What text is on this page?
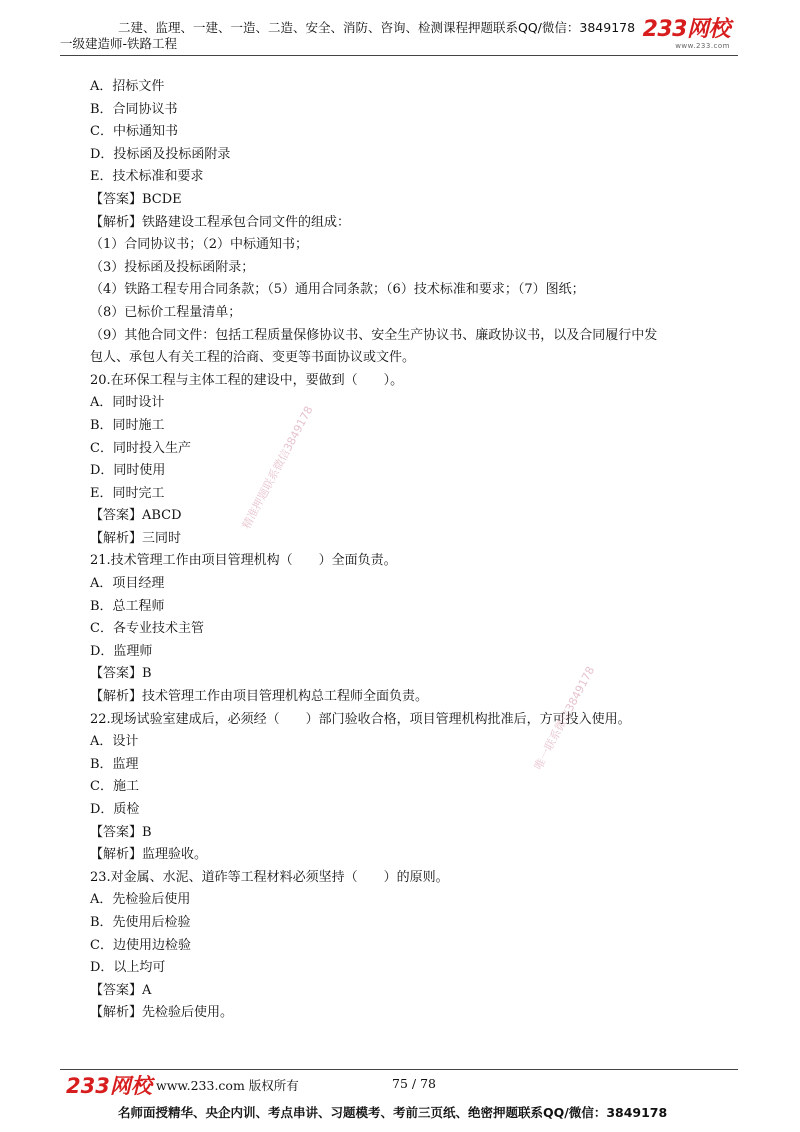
二建、监理、一建、一造、二造、安全、消防、咨询、检测课程押题联系QQ/微信：3849178
一级建造师-铁路工程
233网校
www.233.com
A．招标文件
B．合同协议书
C．中标通知书
D．投标函及投标函附录
E．技术标准和要求
【答案】BCDE
【解析】铁路建设工程承包合同文件的组成：
（1）合同协议书；（2）中标通知书；
（3）投标函及投标函附录；
（4）铁路工程专用合同条款；（5）通用合同条款；（6）技术标准和要求；（7）图纸；
（8）已标价工程量清单；
（9）其他合同文件：包括工程质量保修协议书、安全生产协议书、廉政协议书，以及合同履行中发
包人、承包人有关工程的洽商、变更等书面协议或文件。
20.在环保工程与主体工程的建设中，要做到（　　）。
A．同时设计
B．同时施工
C．同时投入生产
D．同时使用
E．同时完工
【答案】ABCD
【解析】三同时
21.技术管理工作由项目管理机构（　　）全面负责。
A．项目经理
B．总工程师
C．各专业技术主管
D．监理师
【答案】B
【解析】技术管理工作由项目管理机构总工程师全面负责。
22.现场试验室建成后，必须经（　　）部门验收合格，项目管理机构批准后，方可投入使用。
A．设计
B．监理
C．施工
D．质检
【答案】B
【解析】监理验收。
23.对金属、水泥、道砟等工程材料必须坚持（　　）的原则。
A．先检验后使用
B．先使用后检验
C．边使用边检验
D．以上均可
【答案】A
【解析】先检验后使用。
精准押题联系微信3849178
唯一联系微信3849178
233网校 www.233.com 版权所有	75 / 78
名师面授精华、央企内训、考点串讲、习题模考、考前三页纸、绝密押题联系QQ/微信：3849178
